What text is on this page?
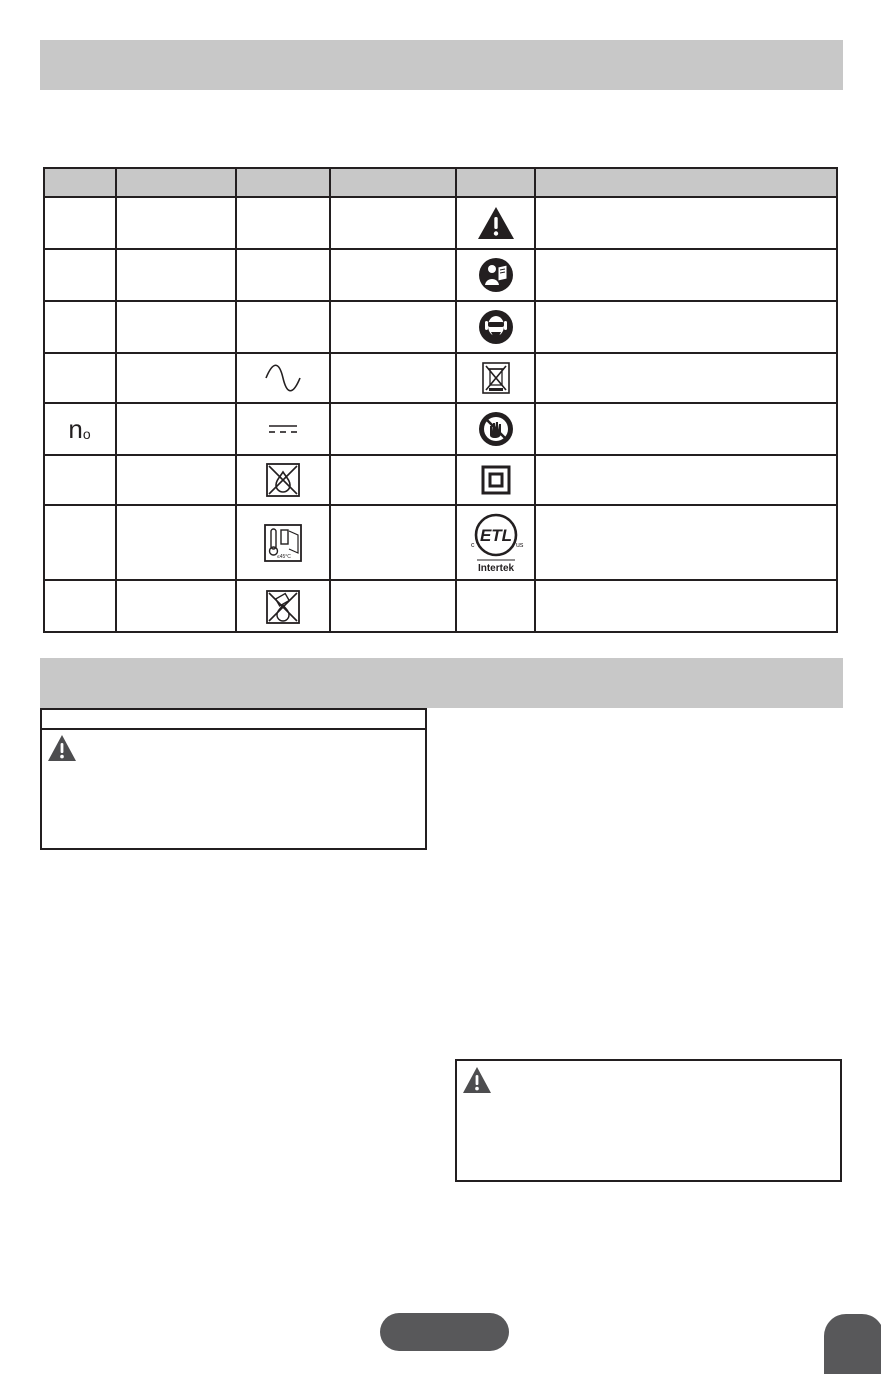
n o
≤45°C
ETL
c	us
Intertek
